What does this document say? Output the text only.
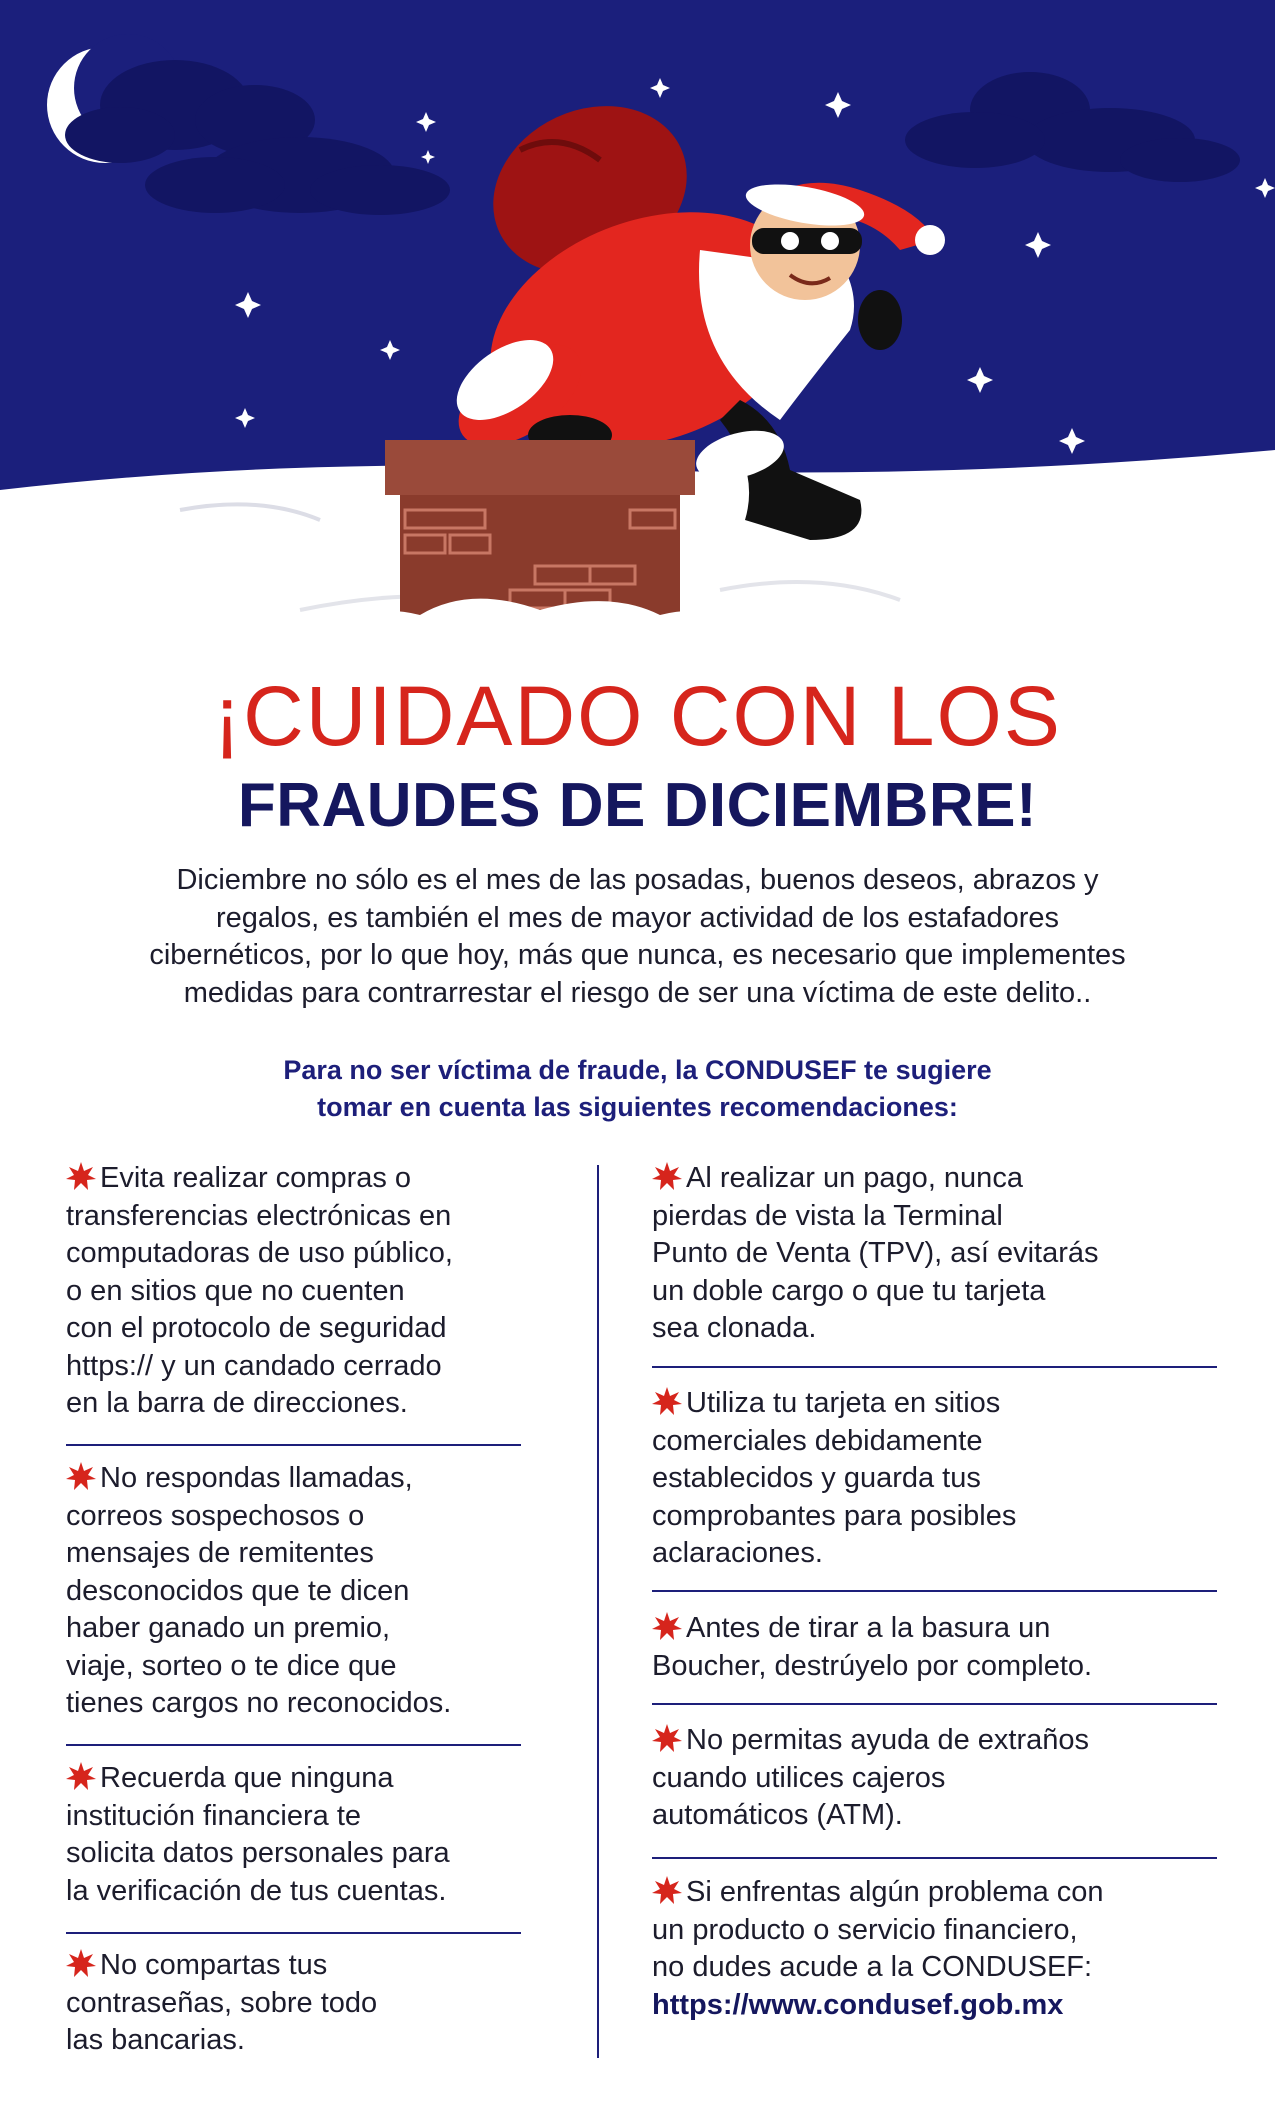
¡CUIDADO CON LOS
FRAUDES DE DICIEMBRE!
Diciembre no sólo es el mes de las posadas, buenos deseos, abrazos y
regalos, es también el mes de mayor actividad de los estafadores
cibernéticos, por lo que hoy, más que nunca, es necesario que implementes
medidas para contrarrestar el riesgo de ser una víctima de este delito..
Para no ser víctima de fraude, la CONDUSEF te sugiere
tomar en cuenta las siguientes recomendaciones:
Evita realizar compras o
transferencias electrónicas en
computadoras de uso público,
o en sitios que no cuenten
con el protocolo de seguridad
https:// y un candado cerrado
en la barra de direcciones.
No respondas llamadas,
correos sospechosos o
mensajes de remitentes
desconocidos que te dicen
haber ganado un premio,
viaje, sorteo o te dice que
tienes cargos no reconocidos.
Recuerda que ninguna
institución financiera te
solicita datos personales para
la verificación de tus cuentas.
No compartas tus
contraseñas, sobre todo
las bancarias.
Al realizar un pago, nunca
pierdas de vista la Terminal
Punto de Venta (TPV), así evitarás
un doble cargo o que tu tarjeta
sea clonada.
Utiliza tu tarjeta en sitios
comerciales debidamente
establecidos y guarda tus
comprobantes para posibles
aclaraciones.
Antes de tirar a la basura un
Boucher, destrúyelo por completo.
No permitas ayuda de extraños
cuando utilices cajeros
automáticos (ATM).
Si enfrentas algún problema con
un producto o servicio financiero,
no dudes acude a la CONDUSEF:
https://www.condusef.gob.mx
